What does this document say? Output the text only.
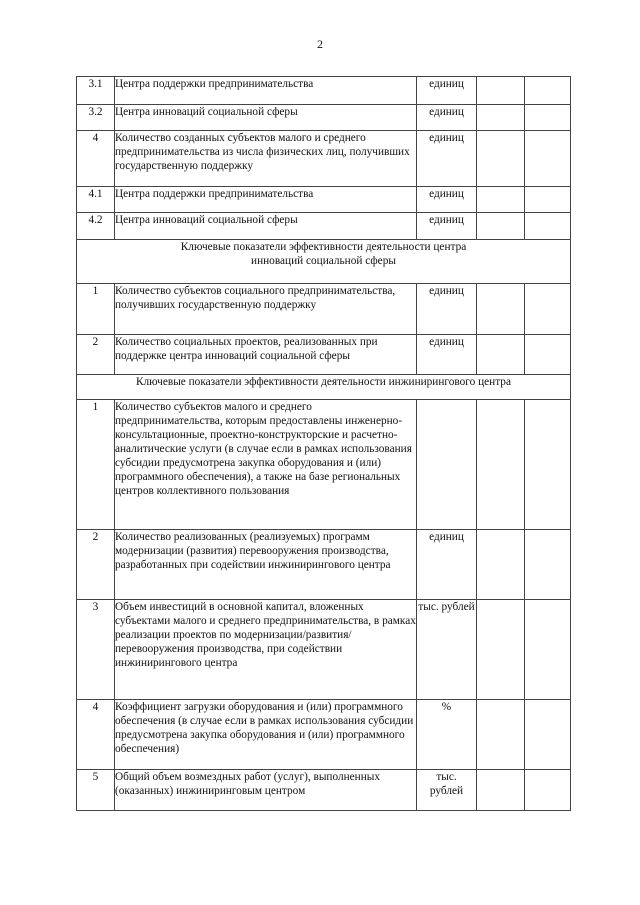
2
3.1	Центра поддержки предпринимательства	единиц		
3.2	Центра инноваций социальной сферы	единиц		
4	Количество созданных субъектов малого и среднего предпринимательства из числа физических лиц, получивших государственную поддержку	единиц		
4.1	Центра поддержки предпринимательства	единиц		
4.2	Центра инноваций социальной сферы	единиц		
Ключевые показатели эффективности деятельности центра инноваций социальной сферы				
1	Количество субъектов социального предпринимательства, получивших государственную поддержку	единиц		
2	Количество социальных проектов, реализованных при поддержке центра инноваций социальной сферы	единиц		
Ключевые показатели эффективности деятельности инжинирингового центра				
1	Количество субъектов малого и среднего предпринимательства, которым предоставлены инженерно-консультационные, проектно-конструкторские и расчетно-аналитические услуги (в случае если в рамках использования субсидии предусмотрена закупка оборудования и (или) программного обеспечения), а также на базе региональных центров коллективного пользования			
2	Количество реализованных (реализуемых) программ модернизации (развития) перевооружения производства, разработанных при содействии инжинирингового центра	единиц		
3	Объем инвестиций в основной капитал, вложенных субъектами малого и среднего предпринимательства, в рамках реализации проектов по модернизации/развития/перевооружения производства, при содействии инжинирингового центра	тыс. рублей		
4	Коэффициент загрузки оборудования и (или) программного обеспечения (в случае если в рамках использования субсидии предусмотрена закупка оборудования и (или) программного обеспечения)	%		
5	Общий объем возмездных работ (услуг), выполненных (оказанных) инжиниринговым центром	тыс. рублей		
